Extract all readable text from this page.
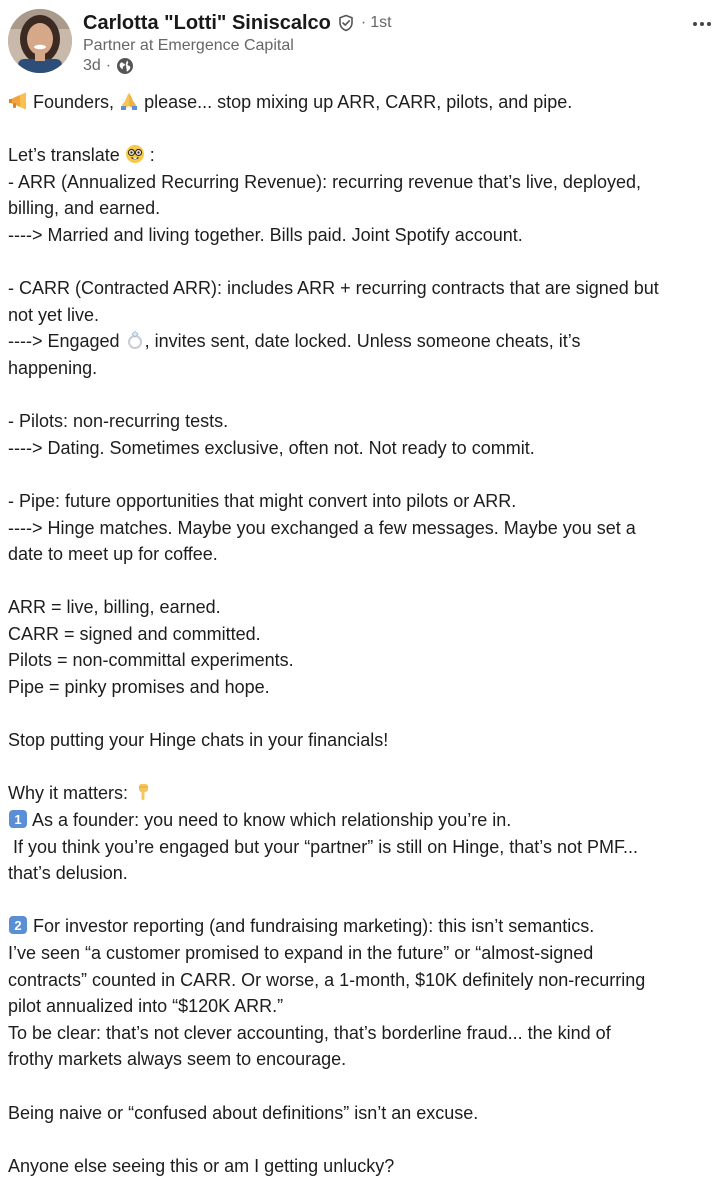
Carlotta "Lotti" Siniscalco · 1st
Partner at Emergence Capital
3d ·
Founders, please... stop mixing up ARR, CARR, pilots, and pipe.
Let’s translate :
- ARR (Annualized Recurring Revenue): recurring revenue that’s live, deployed,
billing, and earned.
----> Married and living together. Bills paid. Joint Spotify account.
- CARR (Contracted ARR): includes ARR + recurring contracts that are signed but
not yet live.
----> Engaged , invites sent, date locked. Unless someone cheats, it’s
happening.
- Pilots: non-recurring tests.
----> Dating. Sometimes exclusive, often not. Not ready to commit.
- Pipe: future opportunities that might convert into pilots or ARR.
----> Hinge matches. Maybe you exchanged a few messages. Maybe you set a
date to meet up for coffee.
ARR = live, billing, earned.
CARR = signed and committed.
Pilots = non-committal experiments.
Pipe = pinky promises and hope.
Stop putting your Hinge chats in your financials!
Why it matters:
1 As a founder: you need to know which relationship you’re in.
If you think you’re engaged but your “partner” is still on Hinge, that’s not PMF...
that’s delusion.
2 For investor reporting (and fundraising marketing): this isn’t semantics.
I’ve seen “a customer promised to expand in the future” or “almost-signed
contracts” counted in CARR. Or worse, a 1-month, $10K definitely non-recurring
pilot annualized into “$120K ARR.”
To be clear: that’s not clever accounting, that’s borderline fraud... the kind of
frothy markets always seem to encourage.
Being naive or “confused about definitions” isn’t an excuse.
Anyone else seeing this or am I getting unlucky?
